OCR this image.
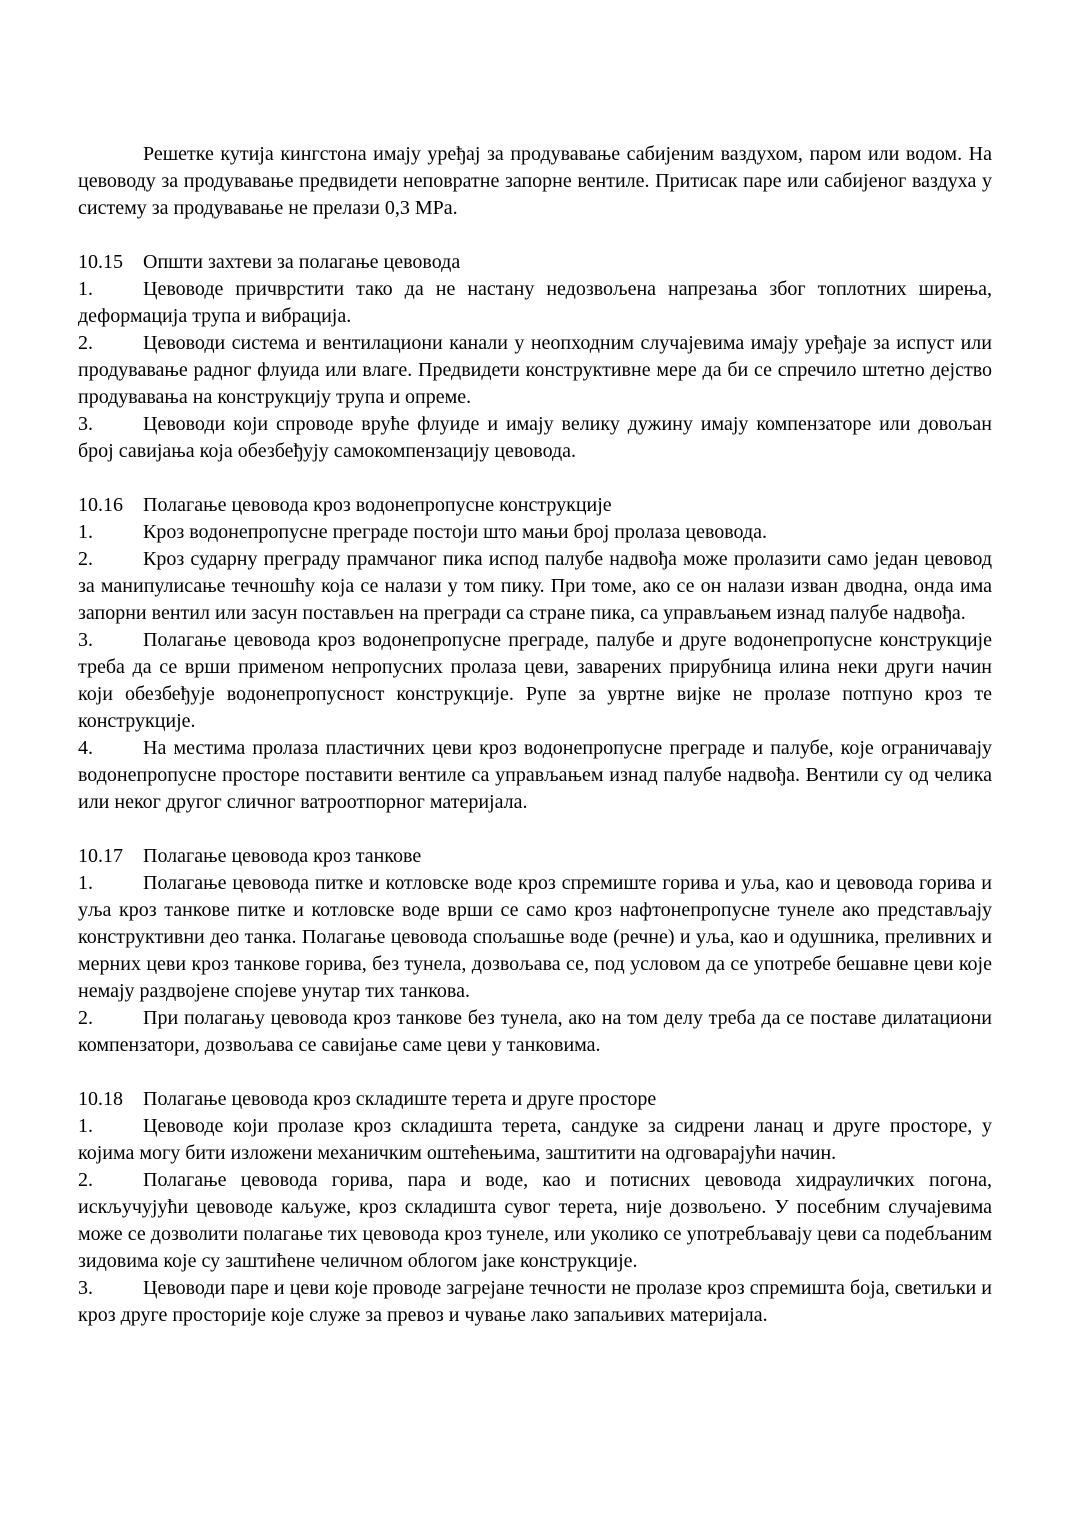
Решетке кутија кингстона имају уређај за продувавање сабијеним ваздухом, паром или водом. На цевоводу за продувавање предвидети неповратне запорне вентиле. Притисак паре или сабијеног ваздуха у систему за продувавање не прелази 0,3 MPa.

10.15 Општи захтеви за полагање цевовода

1.	Цевоводе причврстити тако да не настану недозвољена напрезања због топлотних ширења, деформација трупа и вибрација.

2.	Цевоводи система и вентилациони канали у неопходним случајевима имају уређаје за испуст или продувавање радног флуида или влаге. Предвидети конструктивне мере да би се спречило штетно дејство продувавања на конструкцију трупа и опреме.

3.	Цевоводи који спроводе вруће флуиде и имају велику дужину имају компензаторе или довољан број савијања која обезбеђују самокомпензацију цевовода.

10.16 Полагање цевовода кроз водонепропусне конструкције

1.	Кроз водонепропусне преграде постоји што мањи број пролаза цевовода.

2.	Кроз сударну преграду прамчаног пика испод палубе надвођа може пролазити само један цевовод за манипулисање течношћу која се налази у том пику. При томе, ако се он налази изван дводна, онда има запорни вентил или засун постављен на прегради са стране пика, са управљањем изнад палубе надвођа.

3.	Полагање цевовода кроз водонепропусне преграде, палубе и друге водонепропусне конструкције треба да се врши применом непропусних пролаза цеви, заварених прирубница илина неки други начин који обезбеђује водонепропусност конструкције. Рупе за увртне вијке не пролазе потпуно кроз те конструкције.

4.	На местима пролаза пластичних цеви кроз водонепропусне преграде и палубе, које ограничавају водонепропусне просторе поставити вентиле са управљањем изнад палубе надвођа. Вентили су од челика или неког другог сличног ватроотпорног материјала.

10.17 Полагање цевовода кроз танкове

1.	Полагање цевовода питке и котловске воде кроз спремиште горива и уља, као и цевовода горива и уља кроз танкове питке и котловске воде врши се само кроз нафтонепропусне тунеле ако представљају конструктивни део танка. Полагање цевовода спољашње воде (речне) и уља, као и одушника, преливних и мерних цеви кроз танкове горива, без тунела, дозвољава се, под условом да се употребе бешавне цеви које немају раздвојене спојеве унутар тих танкова.

2.	При полагању цевовода кроз танкове без тунела, ако на том делу треба да се поставе дилатациони компензатори, дозвољава се савијање саме цеви у танковима.

10.18 Полагање цевовода кроз складиште терета и друге просторе

1.	Цевоводе који пролазе кроз складишта терета, сандуке за сидрени ланац и друге просторе, у којима могу бити изложени механичким оштећењима, заштитити на одговарајући начин.

2.	Полагање цевовода горива, пара и воде, као и потисних цевовода хидрауличких погона, искључујући цевоводе каљуже, кроз складишта сувог терета, није дозвољено. У посебним случајевима може се дозволити полагање тих цевовода кроз тунеле, или уколико се употребљавају цеви са подебљаним зидовима које су заштићене челичном облогом јаке конструкције.

3.	Цевоводи паре и цеви које проводе загрејане течности не пролазе кроз спремишта боја, светиљки и кроз друге просторије које служе за превоз и чување лако запаљивих материјала.
